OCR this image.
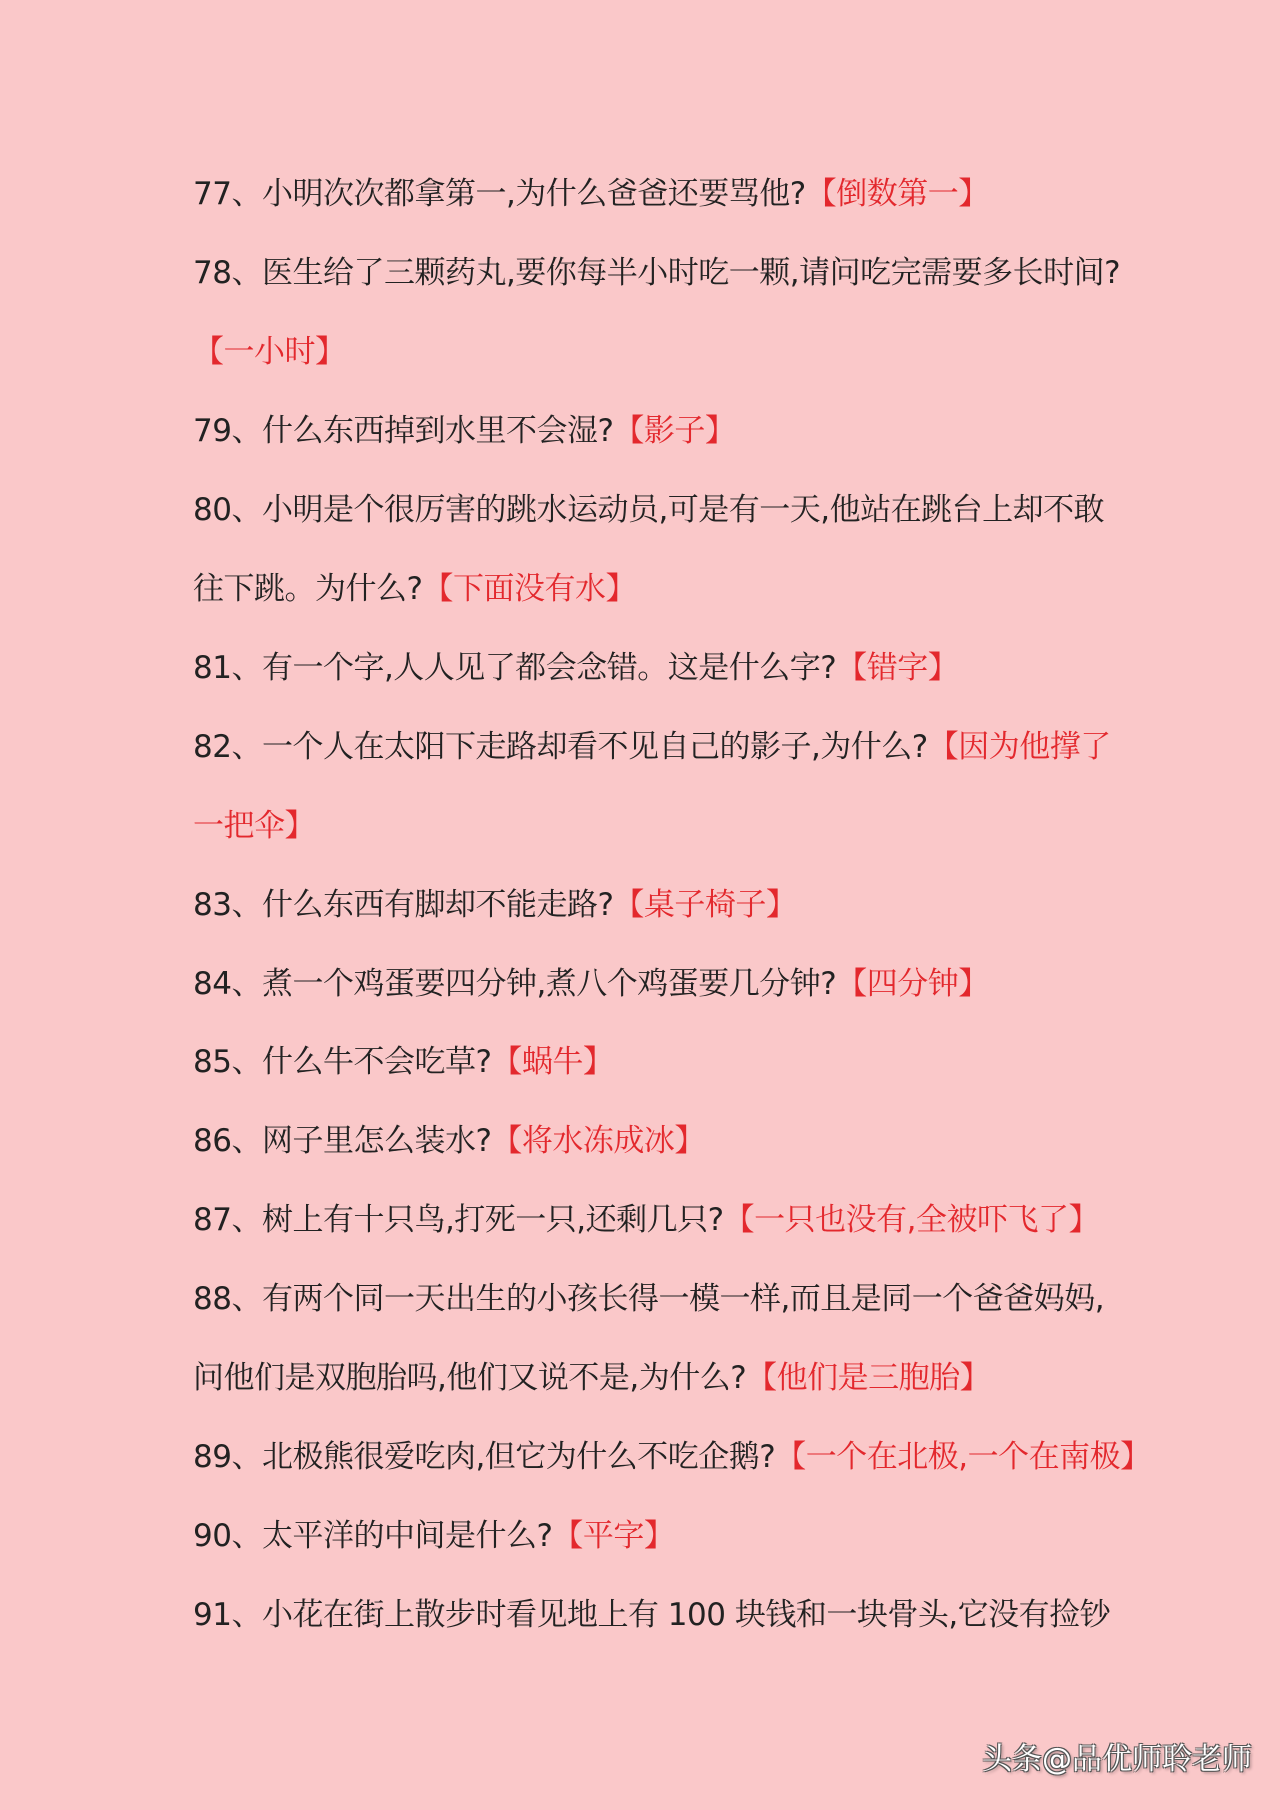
77、小明次次都拿第一,为什么爸爸还要骂他?【倒数第一】
78、医生给了三颗药丸,要你每半小时吃一颗,请问吃完需要多长时间?
【一小时】
79、什么东西掉到水里不会湿?【影子】
80、小明是个很厉害的跳水运动员,可是有一天,他站在跳台上却不敢
往下跳。为什么?【下面没有水】
81、有一个字,人人见了都会念错。这是什么字?【错字】
82、一个人在太阳下走路却看不见自己的影子,为什么?【因为他撑了
一把伞】
83、什么东西有脚却不能走路?【桌子椅子】
84、煮一个鸡蛋要四分钟,煮八个鸡蛋要几分钟?【四分钟】
85、什么牛不会吃草?【蜗牛】
86、网子里怎么装水?【将水冻成冰】
87、树上有十只鸟,打死一只,还剩几只?【一只也没有,全被吓飞了】
88、有两个同一天出生的小孩长得一模一样,而且是同一个爸爸妈妈,
问他们是双胞胎吗,他们又说不是,为什么?【他们是三胞胎】
89、北极熊很爱吃肉,但它为什么不吃企鹅?【一个在北极,一个在南极】
90、太平洋的中间是什么?【平字】
91、小花在街上散步时看见地上有 100 块钱和一块骨头,它没有捡钞
头条@品优师聆老师
